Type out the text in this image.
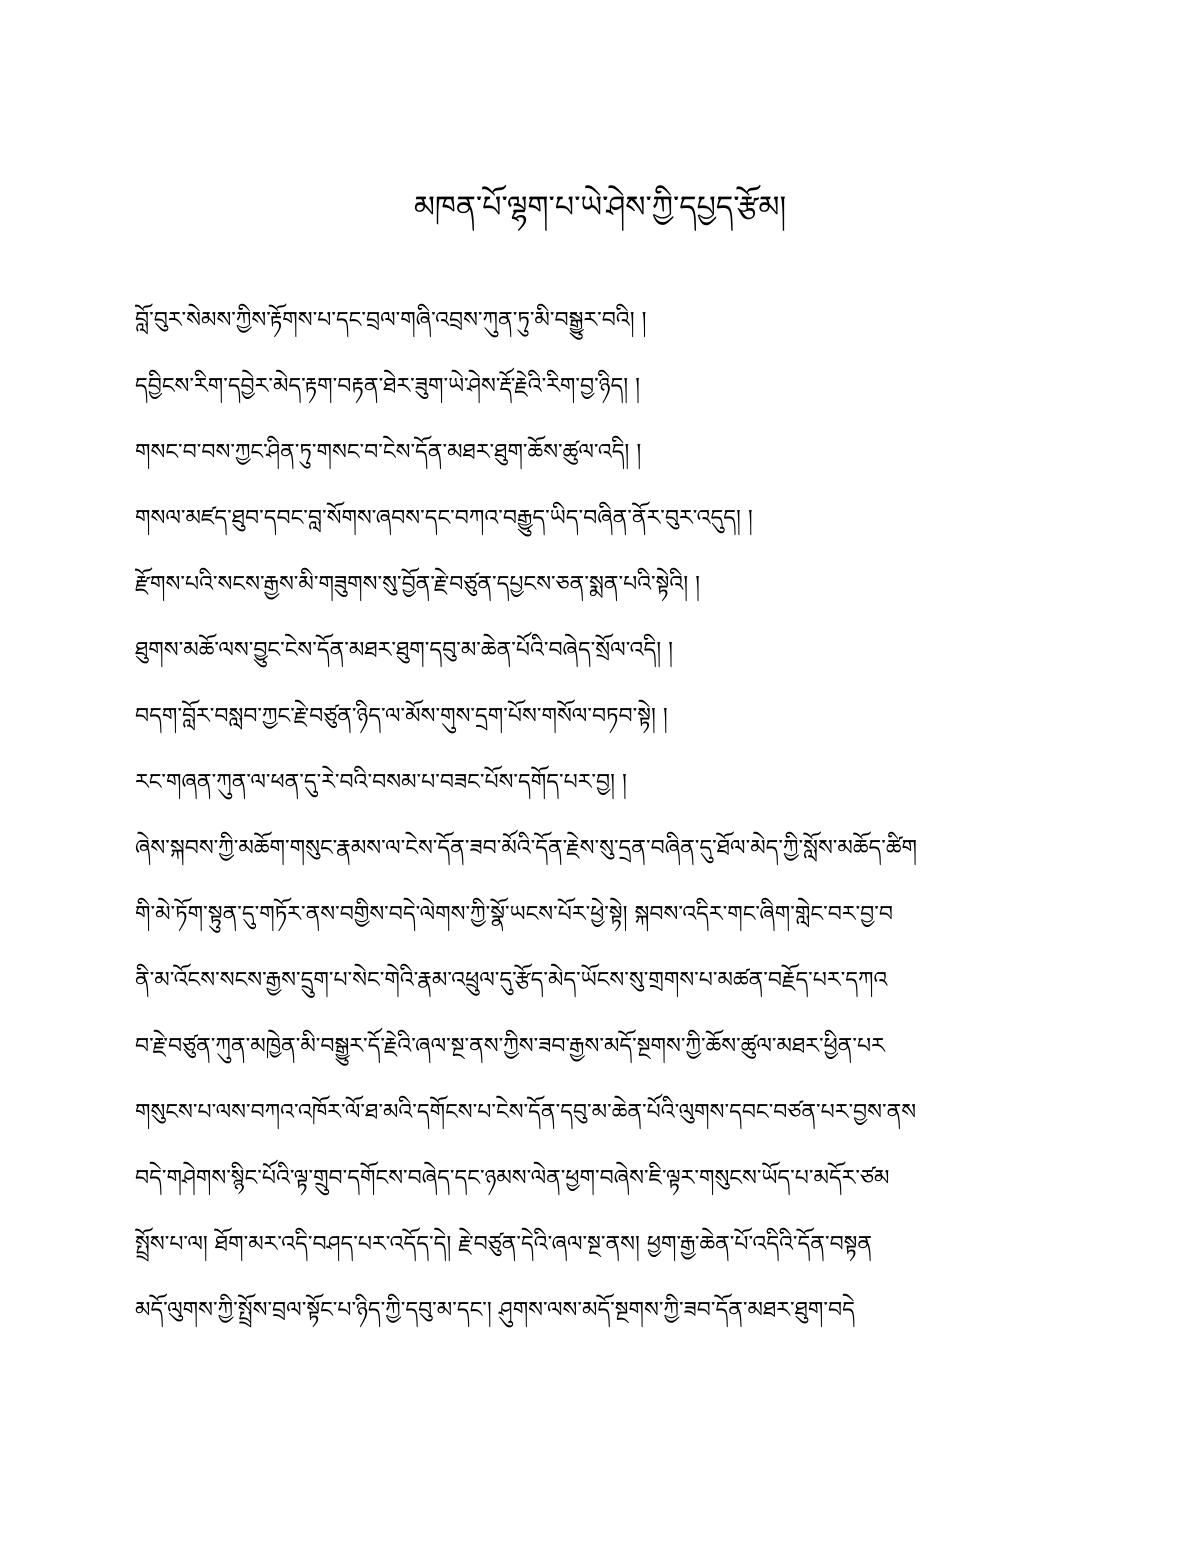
མཁན་པོ་ལྷག་པ་ཡེ་ཤེས་ཀྱི་དཔྱད་རྩོམ།
བློ་བུར་སེམས་ཀྱིས་རྟོགས་པ་དང་བྲལ་གཞི་འབྲས་ཀུན་ཏུ་མི་བསྒྱུར་བའི། །
དབྱིངས་རིག་དབྱེར་མེད་རྟག་བརྟན་ཐེར་ཟུག་ཡེ་ཤེས་རྡོ་རྗེའི་རིག་བྱ་ཉིད། །
གསང་བ་བས་ཀྱང་ཤིན་ཏུ་གསང་བ་ངེས་དོན་མཐར་ཐུག་ཆོས་ཚུལ་འདི། །
གསལ་མཛད་ཐུབ་དབང་བླ་སོགས་ཞབས་དང་བཀའ་བརྒྱུད་ཡིད་བཞིན་ནོར་བུར་འདུད། །
རྫོགས་པའི་སངས་རྒྱས་མི་གཟུགས་སུ་བྱོན་རྗེ་བཙུན་དཔྱངས་ཅན་སྨན་པའི་སྟེའི། །
ཐུགས་མཆོ་ལས་བྱུང་ངེས་དོན་མཐར་ཐུག་དབུ་མ་ཆེན་པོའི་བཞེད་སྲོལ་འདི། །
བདག་བློར་བསླབ་ཀྱང་རྗེ་བཙུན་ཉིད་ལ་མོས་གུས་དྲག་པོས་གསོལ་བཏབ་སྟེ། །
རང་གཞན་ཀུན་ལ་ཕན་དུ་རེ་བའི་བསམ་པ་བཟང་པོས་དགོད་པར་བྱ། །
ཞེས་སྐབས་ཀྱི་མཆོག་གསུང་རྣམས་ལ་ངེས་དོན་ཟབ་མོའི་དོན་རྗེས་སུ་དྲན་བཞིན་དུ་ཐོལ་མེད་ཀྱི་སློས་མཆོད་ཚིག
གི་མེ་ཏོག་སྟུན་དུ་གཏོར་ནས་བགྱིས་བདེ་ལེགས་ཀྱི་སྣོ་ཡངས་པོར་ཕྱེ་སྟེ། སྐབས་འདིར་གང་ཞིག་གླེང་བར་བྱ་བ
ནི་མ་འོངས་སངས་རྒྱས་དྲུག་པ་སེང་གེའི་རྣམ་འཕྲུལ་དུ་རྩོད་མེད་ཡོངས་སུ་གྲགས་པ་མཚན་བརྗོད་པར་དཀའ
བ་རྗེ་བཙུན་ཀུན་མཁྱེན་མི་བསྒྱུར་དོ་རྗེའི་ཞལ་སྔ་ནས་ཀྱིས་ཟབ་རྒྱས་མདོ་སྔགས་ཀྱི་ཆོས་ཚུལ་མཐར་ཕྱིན་པར
གསུངས་པ་ལས་བཀའ་འཁོར་ལོ་ཐ་མའི་དགོངས་པ་ངེས་དོན་དབུ་མ་ཆེན་པོའི་ལུགས་དབང་བཙན་པར་བྱས་ནས
བདེ་གཤེགས་སྙིང་པོའི་ལྟ་གྲུབ་དགོངས་བཞེད་དང་ཉམས་ལེན་ཕྱག་བཞེས་ཇི་ལྟར་གསུངས་ཡོད་པ་མདོར་ཙམ
སྤྲོས་པ་ལ། ཐོག་མར་འདི་བཤད་པར་འདོད་དེ། རྗེ་བཙུན་དེའི་ཞལ་སྔ་ནས། ཕྱག་རྒྱ་ཆེན་པོ་འདིའི་དོན་བསྟན
མདོ་ལུགས་ཀྱི་སྤྲོས་བྲལ་སྟོང་པ་ཉིད་ཀྱི་དབུ་མ་དང་། ཤུགས་ལས་མདོ་སྔགས་ཀྱི་ཟབ་དོན་མཐར་ཐུག་བདེ
